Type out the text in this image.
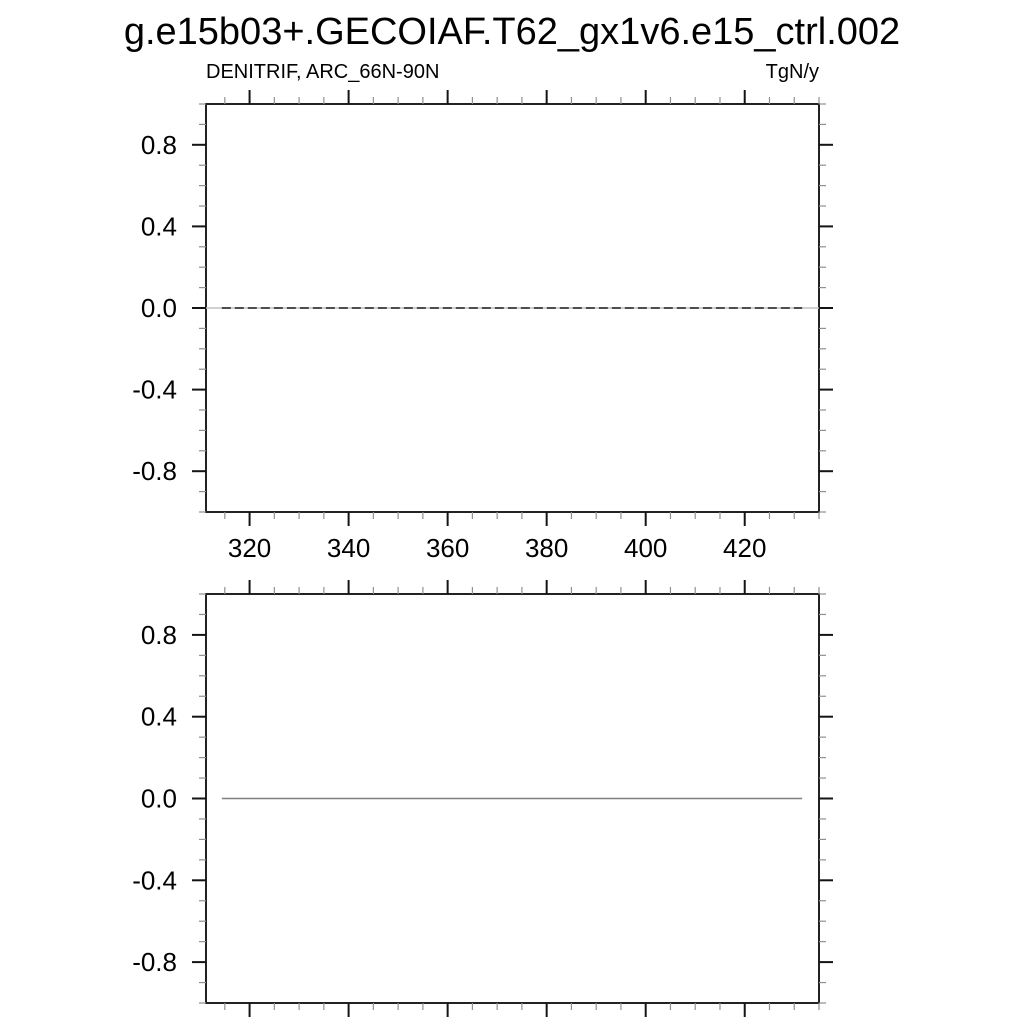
g.e15b03+.GECOIAF.T62_gx1v6.e15_ctrl.002
DENITRIF, ARC_66N-90N	TgN/y
320 340 360 380 400 420
0.8
0.4
0.0
-0.4
-0.8
0.8
0.4
0.0
-0.4
-0.8
